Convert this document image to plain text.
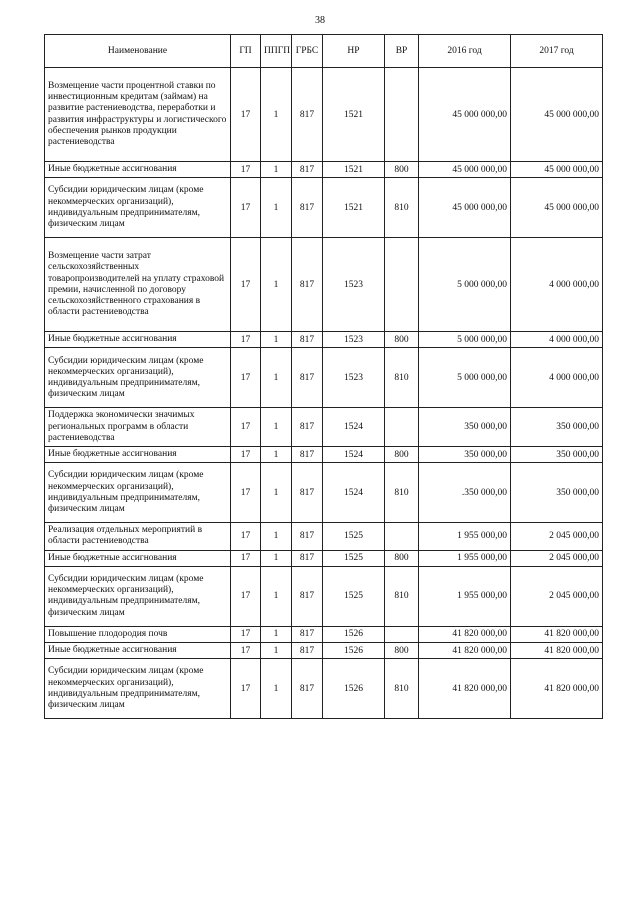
38
Наименование	ГП	ППГП	ГРБС	НР	ВР	2016 год	2017 год
Возмещение части процентной ставки по инвестиционным кредитам (займам) на развитие растениеводства, переработки и развития инфраструктуры и логистического обеспечения рынков продукции растениеводства	17	1	817	1521		45 000 000,00	45 000 000,00
Иные бюджетные ассигнования	17	1	817	1521	800	45 000 000,00	45 000 000,00
Субсидии юридическим лицам (кроме некоммерческих организаций), индивидуальным предпринимателям, физическим лицам	17	1	817	1521	810	45 000 000,00	45 000 000,00
Возмещение части затрат сельскохозяйственных товаропроизводителей на уплату страховой премии, начисленной по договору сельскохозяйственного страхования в области растениеводства	17	1	817	1523		5 000 000,00	4 000 000,00
Иные бюджетные ассигнования	17	1	817	1523	800	5 000 000,00	4 000 000,00
Субсидии юридическим лицам (кроме некоммерческих организаций), индивидуальным предпринимателям, физическим лицам	17	1	817	1523	810	5 000 000,00	4 000 000,00
Поддержка экономически значимых региональных программ в области растениеводства	17	1	817	1524		350 000,00	350 000,00
Иные бюджетные ассигнования	17	1	817	1524	800	350 000,00	350 000,00
Субсидии юридическим лицам (кроме некоммерческих организаций), индивидуальным предпринимателям, физическим лицам	17	1	817	1524	810	.350 000,00	350 000,00
Реализация отдельных мероприятий в области растениеводства	17	1	817	1525		1 955 000,00	2 045 000,00
Иные бюджетные ассигнования	17	1	817	1525	800	1 955 000,00	2 045 000,00
Субсидии юридическим лицам (кроме некоммерческих организаций), индивидуальным предпринимателям, физическим лицам	17	1	817	1525	810	1 955 000,00	2 045 000,00
Повышение плодородия почв	17	1	817	1526		41 820 000,00	41 820 000,00
Иные бюджетные ассигнования	17	1	817	1526	800	41 820 000,00	41 820 000,00
Субсидии юридическим лицам (кроме некоммерческих организаций), индивидуальным предпринимателям, физическим лицам	17	1	817	1526	810	41 820 000,00	41 820 000,00
